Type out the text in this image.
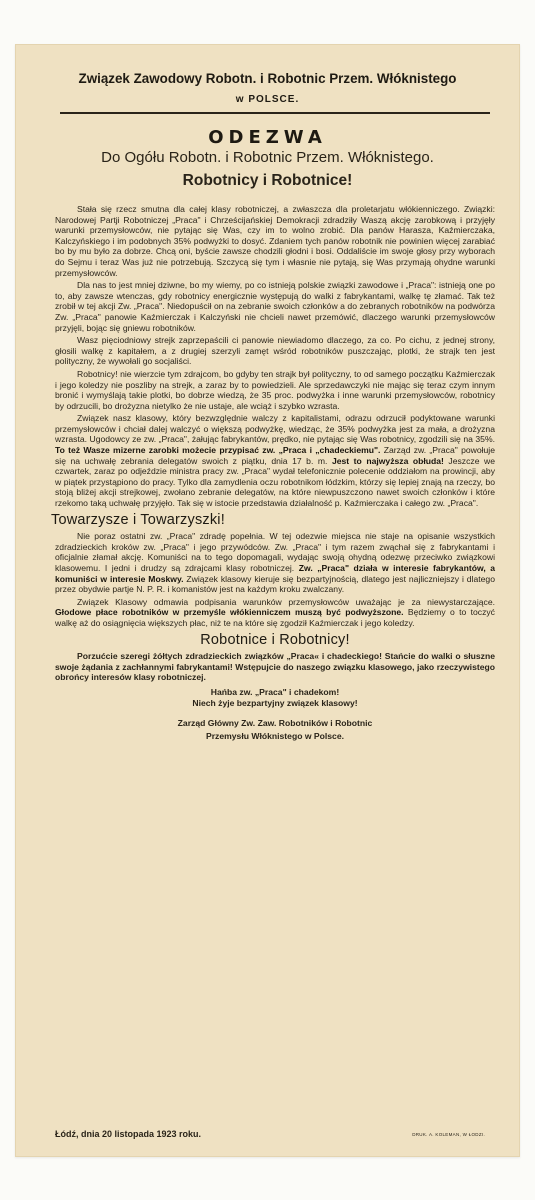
Związek Zawodowy Robotn. i Robotnic Przem. Włóknistego
w POLSCE.
ODEZWA
Do Ogółu Robotn. i Robotnic Przem. Włóknistego.
Robotnicy i Robotnice!

Stała się rzecz smutna dla całej klasy robotniczej, a zwłaszcza dla proletarjatu włókienniczego. Związki: Narodowej Partji Robotniczej „Praca" i Chrześcijańskiej Demokracji zdradziły Waszą akcję zarobkową i przyjęły warunki przemysłowców, nie pytając się Was, czy im to wolno zrobić. Dla panów Harasza, Kaźmierczaka, Kalczyńskiego i im podobnych 35% podwyżki to dosyć. Zdaniem tych panów robotnik nie powinien więcej zarabiać bo by mu było za dobrze. Chcą oni, byście zawsze chodzili głodni i bosi. Oddaliście im swoje głosy przy wyborach do Sejmu i teraz Was już nie potrzebują. Szczycą się tym i własnie nie pytają, się Was przymają ohydne warunki przemysłowców.

Dla nas to jest mniej dziwne, bo my wiemy, po co istnieją polskie związki zawodowe i „Praca": istnieją one po to, aby zawsze wtenczas, gdy robotnicy energicznie występują do walki z fabrykantami, walkę tę złamać. Tak też zrobił w tej akcji Zw. „Praca". Niedopuścił on na zebranie swoich członków a do zebranych robotników na podwórza Zw. „Praca" panowie Kaźmierczak i Kalczyński nie chcieli nawet przemówić, dlaczego warunki przemysłowców przyjęli, bojąc się gniewu robotników.

Wasz pięciodniowy strejk zaprzepaścili ci panowie niewiadomo dlaczego, za co. Po cichu, z jednej strony, głosili walkę z kapitałem, a z drugiej szerzyli zamęt wśród robotników puszczając, plotki, że strajk ten jest polityczny, że wywołali go socjaliści.

Robotnicy! nie wierzcie tym zdrajcom, bo gdyby ten strajk był polityczny, to od samego początku Kaźmierczak i jego koledzy nie poszliby na strejk, a zaraz by to powiedzieli. Ale sprzedawczyki nie mając się teraz czym innym bronić i wymyślają takie plotki, bo dobrze wiedzą, że 35 proc. podwyżka i inne warunki przemysłowców, robotnicy by odrzucili, bo drożyzna nietylko że nie ustaje, ale wciąż i szybko wzrasta.

Związek nasz klasowy, który bezwzględnie walczy z kapitalistami, odrazu odrzucił podyktowane warunki przemysłowców i chciał dalej walczyć o większą podwyżkę, wiedząc, że 35% podwyżka jest za mała, a drożyzna wzrasta. Ugodowcy ze zw. „Praca", żałując fabrykantów, prędko, nie pytając się Was robotnicy, zgodzili się na 35%. To też Wasze mizerne zarobki możecie przypisać zw. „Praca i „chadeckiemu". Zarząd zw. „Praca" powołuje się na uchwałę zebrania delegatów swoich z piątku, dnia 17 b. m. Jest to najwyższa obłuda! Jeszcze we czwartek, zaraz po odjeździe ministra pracy zw. „Praca" wydał telefonicznie polecenie oddziałom na prowincji, aby w piątek przystąpiono do pracy. Tylko dla zamydlenia oczu robotnikom łódzkim, którzy się lepiej znają na rzeczy, bo stoją bliżej akcji strejkowej, zwołano zebranie delegatów, na które niewpuszczono nawet swoich członków i które rzekomo taką uchwałę przyjęło. Tak się w istocie przedstawia działalność p. Kaźmierczaka i całego zw. „Praca".

Towarzysze i Towarzyszki!

Nie poraz ostatni zw. „Praca" zdradę popełnia. W tej odezwie miejsca nie staje na opisanie wszystkich zdradzieckich kroków zw. „Praca" i jego przywódców. Zw. „Praca" i tym razem zwąchał się z fabrykantami i oficjalnie złamał akcję. Komuniści na to tego dopomagali, wydając swoją ohydną odezwę przeciwko związkowi klasowemu. I jedni i drudzy są zdrajcami klasy robotniczej. Zw. „Praca" działa w interesie fabrykantów, a komuniści w interesie Moskwy. Związek klasowy kieruje się bezpartyjnością, dlatego jest najliczniejszy i dlatego przez obydwie partje N. P. R. i komanistów jest na każdym kroku zwalczany.

Związek Klasowy odmawia podpisania warunków przemysłowców uważając je za niewystarczające. Głodowe płace robotników w przemyśle włókienniczem muszą być podwyższone. Będziemy o to toczyć walkę aż do osiągnięcia większych płac, niż te na które się zgodził Kaźmierczak i jego koledzy.

Robotnice i Robotnicy!

Porzućcie szeregi żółtych zdradzieckich związków „Praca« i chadeckiego! Stańcie do walki o słuszne swoje żądania z zachłannymi fabrykantami! Wstępujcie do naszego związku klasowego, jako rzeczywistego obrońcy interesów klasy robotniczej.

Hańba zw. „Praca" i chadekom!
Niech żyje bezpartyjny związek klasowy!
Zarząd Główny Zw. Zaw. Robotników i Robotnic
Przemysłu Włóknistego w Polsce.
Łódź, dnia 20 listopada 1923 roku.	DRUK. A. KOLEMAN, W ŁODZI.
